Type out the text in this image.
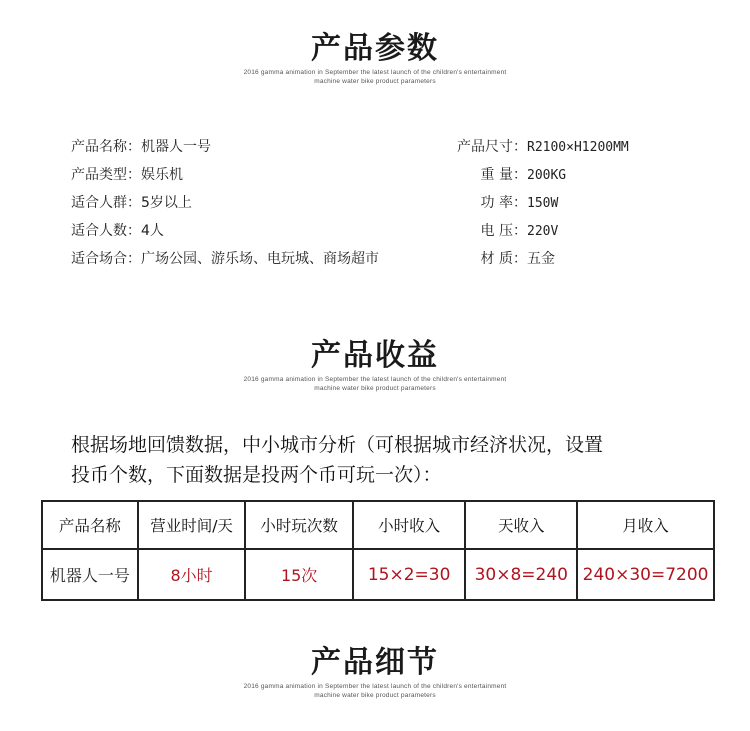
产品参数
2016 gamma animation in September the latest launch of the children's entertainment
machine water bike product parameters
产品名称：机器人一号
产品类型：娱乐机
适合人群：5岁以上
适合人数：4人
适合场合：广场公园、游乐场、电玩城、商场超市
产品尺寸：R2100×H1200MM
重 量：200KG
功 率：150W
电 压：220V
材 质：五金
产品收益
2016 gamma animation in September the latest launch of the children's entertainment
machine water bike product parameters
根据场地回馈数据，中小城市分析（可根据城市经济状况，设置
投币个数，下面数据是投两个币可玩一次）：
产品名称	营业时间/天	小时玩次数	小时收入	天收入	月收入
机器人一号	8小时	15次	15×2=30	30×8=240	240×30=7200
产品细节
2016 gamma animation in September the latest launch of the children's entertainment
machine water bike product parameters
